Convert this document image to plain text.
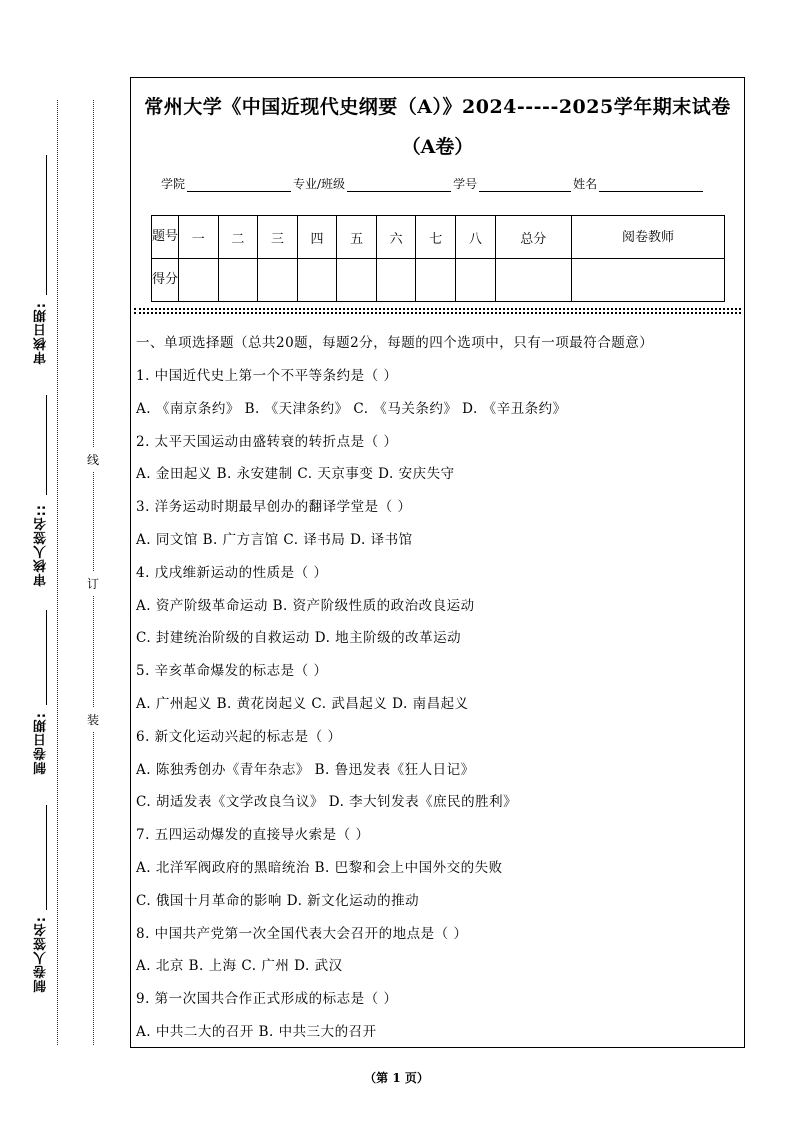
审核日期:
审核人签名::
制卷日期:
制卷人签名:
线
订
装
常州大学《中国近现代史纲要（A）》2024-----2025学年期末试卷
（A卷）
学院	专业/班级	学号	姓名
题号	一	二	三	四	五	六	七	八	总分	阅卷教师
得分										
一、单项选择题（总共20题，每题2分，每题的四个选项中，只有一项最符合题意）
1. 中国近代史上第一个不平等条约是（ ）
A. 《南京条约》 B. 《天津条约》 C. 《马关条约》 D. 《辛丑条约》
2. 太平天国运动由盛转衰的转折点是（ ）
A. 金田起义 B. 永安建制 C. 天京事变 D. 安庆失守
3. 洋务运动时期最早创办的翻译学堂是（ ）
A. 同文馆 B. 广方言馆 C. 译书局 D. 译书馆
4. 戊戌维新运动的性质是（ ）
A. 资产阶级革命运动 B. 资产阶级性质的政治改良运动
C. 封建统治阶级的自救运动 D. 地主阶级的改革运动
5. 辛亥革命爆发的标志是（ ）
A. 广州起义 B. 黄花岗起义 C. 武昌起义 D. 南昌起义
6. 新文化运动兴起的标志是（ ）
A. 陈独秀创办《青年杂志》 B. 鲁迅发表《狂人日记》
C. 胡适发表《文学改良刍议》 D. 李大钊发表《庶民的胜利》
7. 五四运动爆发的直接导火索是（ ）
A. 北洋军阀政府的黑暗统治 B. 巴黎和会上中国外交的失败
C. 俄国十月革命的影响 D. 新文化运动的推动
8. 中国共产党第一次全国代表大会召开的地点是（ ）
A. 北京 B. 上海 C. 广州 D. 武汉
9. 第一次国共合作正式形成的标志是（ ）
A. 中共二大的召开 B. 中共三大的召开
（第 1 页）
